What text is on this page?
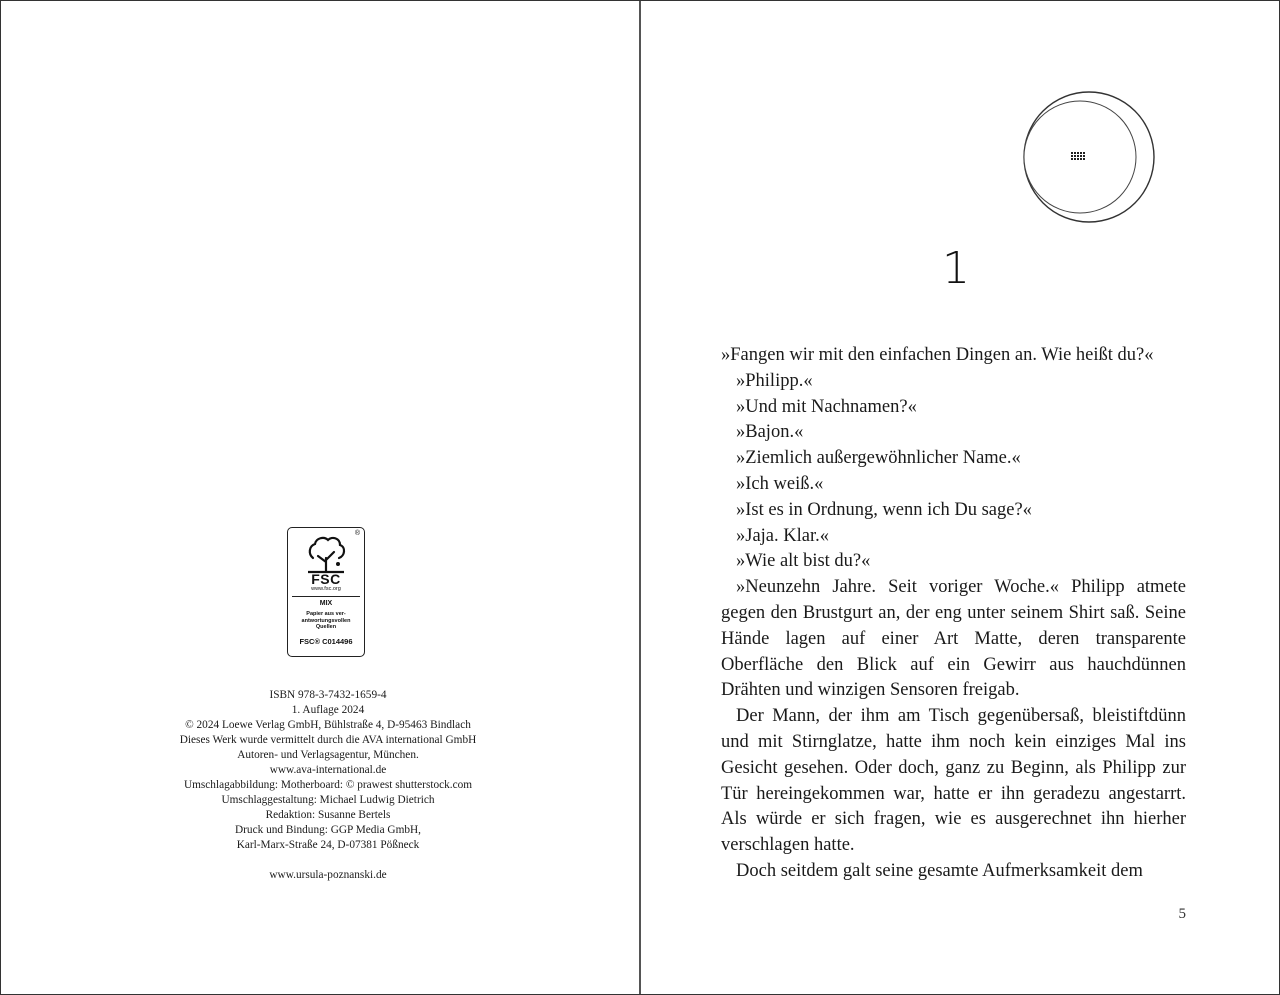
®
FSC
www.fsc.org
MIX
Papier aus ver-
antwortungsvollen
Quellen
FSC® C014496
ISBN 978-3-7432-1659-4
1. Auflage 2024
© 2024 Loewe Verlag GmbH, Bühlstraße 4, D-95463 Bindlach
Dieses Werk wurde vermittelt durch die AVA international GmbH
Autoren- und Verlagsagentur, München.
www.ava-international.de
Umschlagabbildung: Motherboard: © prawest shutterstock.com
Umschlaggestaltung: Michael Ludwig Dietrich
Redaktion: Susanne Bertels
Druck und Bindung: GGP Media GmbH,
Karl-Marx-Straße 24, D-07381 Pößneck
www.ursula-poznanski.de
1

»Fangen wir mit den einfachen Dingen an. Wie heißt du?«

»Philipp.«

»Und mit Nachnamen?«

»Bajon.«

»Ziemlich außergewöhnlicher Name.«

»Ich weiß.«

»Ist es in Ordnung, wenn ich Du sage?«

»Jaja. Klar.«

»Wie alt bist du?«

»Neunzehn Jahre. Seit voriger Woche.« Philipp atmete gegen den Brustgurt an, der eng unter seinem Shirt saß. Seine Hände lagen auf einer Art Matte, deren transparente Oberfläche den Blick auf ein Gewirr aus hauchdünnen Drähten und winzigen Sensoren freigab.

Der Mann, der ihm am Tisch gegenübersaß, bleistiftdünn und mit Stirnglatze, hatte ihm noch kein einziges Mal ins Gesicht gesehen. Oder doch, ganz zu Beginn, als Philipp zur Tür hereingekommen war, hatte er ihn geradezu angestarrt. Als würde er sich fragen, wie es ausgerechnet ihn hierher verschlagen hatte.

Doch seitdem galt seine gesamte Aufmerksamkeit dem

5
